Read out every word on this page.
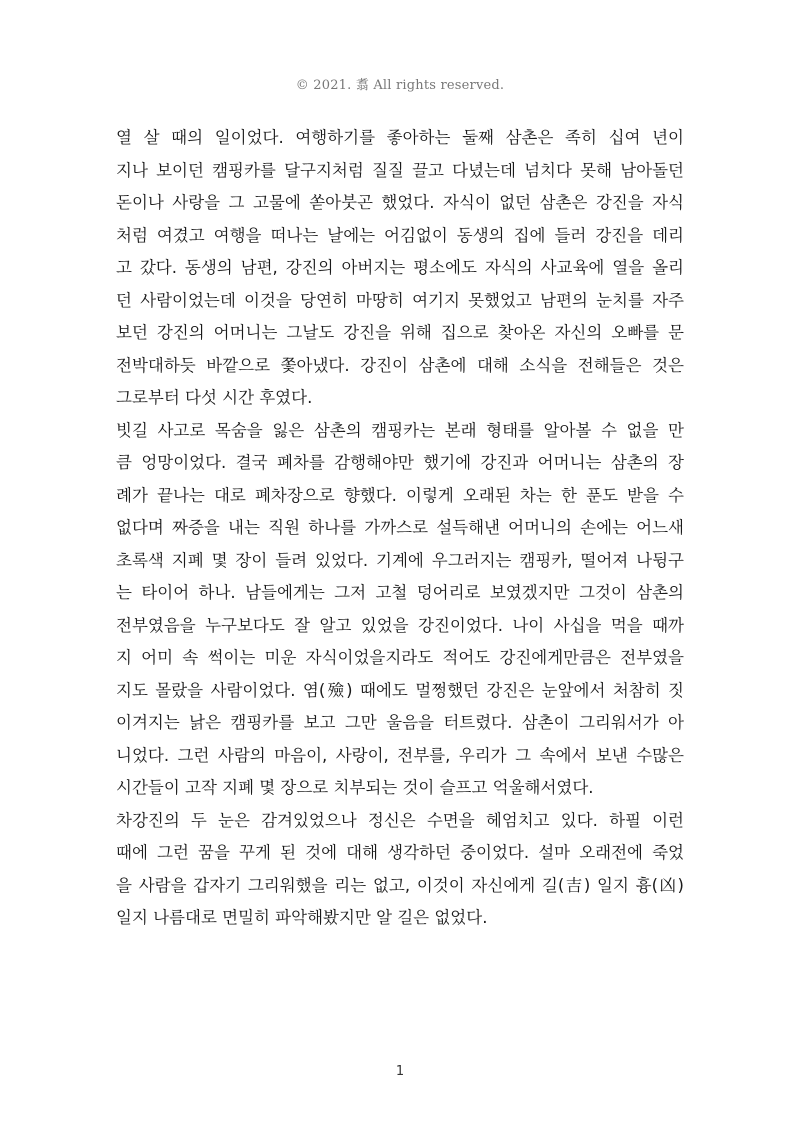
© 2021. 翥 All rights reserved.
열 살 때의 일이었다. 여행하기를 좋아하는 둘째 삼촌은 족히 십여 년이
지나 보이던 캠핑카를 달구지처럼 질질 끌고 다녔는데 넘치다 못해 남아돌던
돈이나 사랑을 그 고물에 쏟아붓곤 했었다. 자식이 없던 삼촌은 강진을 자식
처럼 여겼고 여행을 떠나는 날에는 어김없이 동생의 집에 들러 강진을 데리
고 갔다. 동생의 남편, 강진의 아버지는 평소에도 자식의 사교육에 열을 올리
던 사람이었는데 이것을 당연히 마땅히 여기지 못했었고 남편의 눈치를 자주
보던 강진의 어머니는 그날도 강진을 위해 집으로 찾아온 자신의 오빠를 문
전박대하듯 바깥으로 쫓아냈다. 강진이 삼촌에 대해 소식을 전해들은 것은
그로부터 다섯 시간 후였다.
빗길 사고로 목숨을 잃은 삼촌의 캠핑카는 본래 형태를 알아볼 수 없을 만
큼 엉망이었다. 결국 폐차를 감행해야만 했기에 강진과 어머니는 삼촌의 장
례가 끝나는 대로 폐차장으로 향했다. 이렇게 오래된 차는 한 푼도 받을 수
없다며 짜증을 내는 직원 하나를 가까스로 설득해낸 어머니의 손에는 어느새
초록색 지폐 몇 장이 들려 있었다. 기계에 우그러지는 캠핑카, 떨어져 나뒹구
는 타이어 하나. 남들에게는 그저 고철 덩어리로 보였겠지만 그것이 삼촌의
전부였음을 누구보다도 잘 알고 있었을 강진이었다. 나이 사십을 먹을 때까
지 어미 속 썩이는 미운 자식이었을지라도 적어도 강진에게만큼은 전부였을
지도 몰랐을 사람이었다. 염(殮) 때에도 멀쩡했던 강진은 눈앞에서 처참히 짓
이겨지는 낡은 캠핑카를 보고 그만 울음을 터트렸다. 삼촌이 그리워서가 아
니었다. 그런 사람의 마음이, 사랑이, 전부를, 우리가 그 속에서 보낸 수많은
시간들이 고작 지폐 몇 장으로 치부되는 것이 슬프고 억울해서였다.
차강진의 두 눈은 감겨있었으나 정신은 수면을 헤엄치고 있다. 하필 이런
때에 그런 꿈을 꾸게 된 것에 대해 생각하던 중이었다. 설마 오래전에 죽었
을 사람을 갑자기 그리워했을 리는 없고, 이것이 자신에게 길(吉) 일지 흉(凶)
일지 나름대로 면밀히 파악해봤지만 알 길은 없었다.
1
